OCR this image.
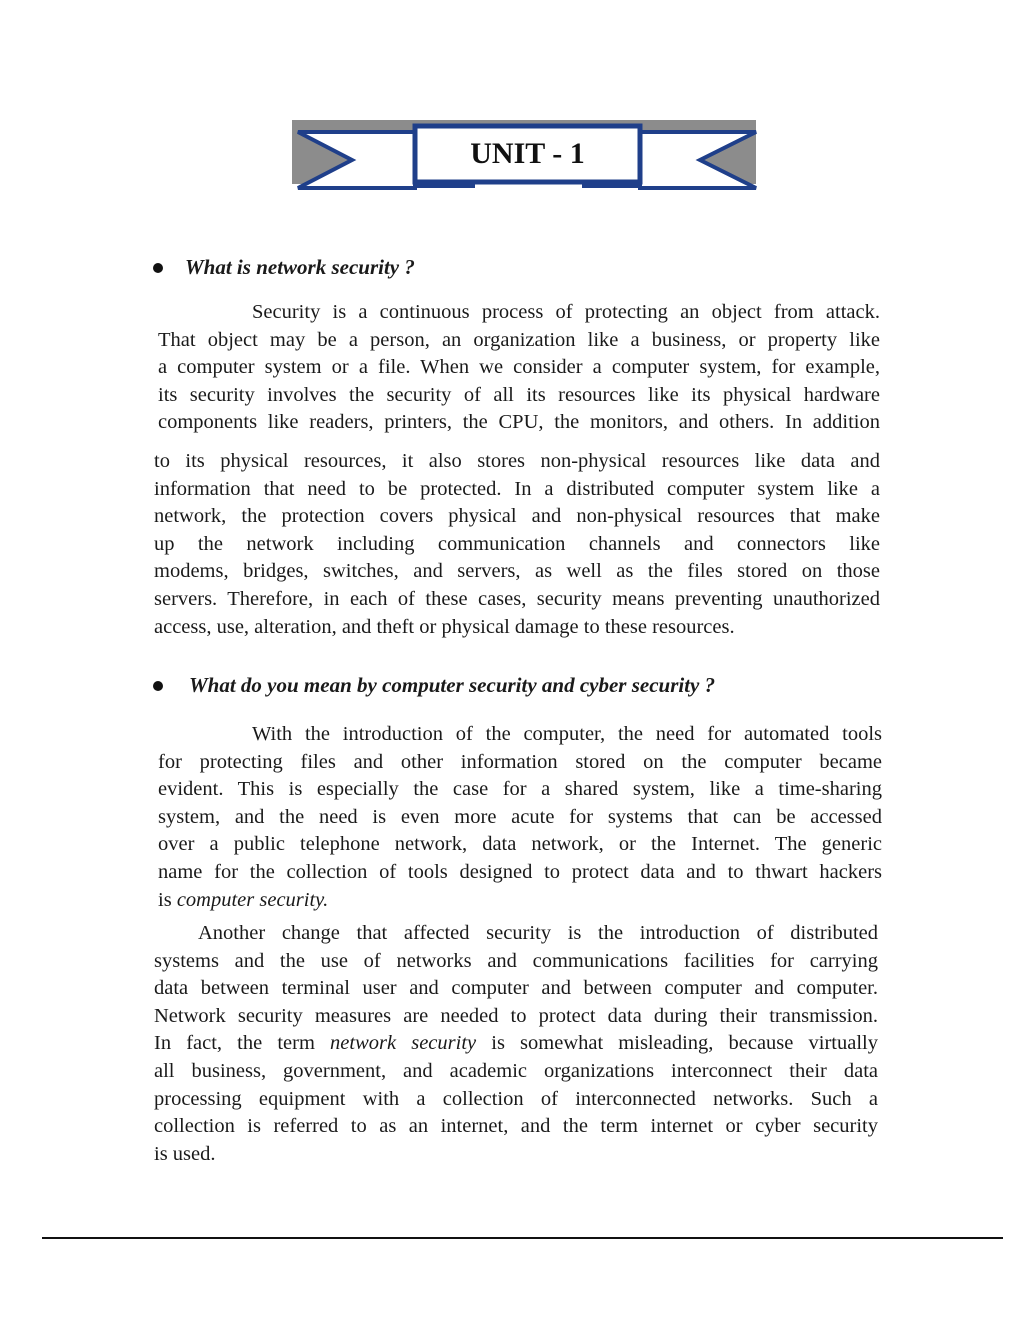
UNIT - 1
What is network security ?
Security is a continuous process of protecting an object from attack.
That object may be a person, an organization like a business, or property like
a computer system or a file. When we consider a computer system, for example,
its security involves the security of all its resources like its physical hardware
components like readers, printers, the CPU, the monitors, and others. In addition
to its physical resources, it also stores non-physical resources like data and
information that need to be protected. In a distributed computer system like a
network, the protection covers physical and non-physical resources that make
up the network including communication channels and connectors like
modems, bridges, switches, and servers, as well as the files stored on those
servers. Therefore, in each of these cases, security means preventing unauthorized
access, use, alteration, and theft or physical damage to these resources.
What do you mean by computer security and cyber security ?
With the introduction of the computer, the need for automated tools
for protecting files and other information stored on the computer became
evident. This is especially the case for a shared system, like a time-sharing
system, and the need is even more acute for systems that can be accessed
over a public telephone network, data network, or the Internet. The generic
name for the collection of tools designed to protect data and to thwart hackers
is computer security.
Another change that affected security is the introduction of distributed
systems and the use of networks and communications facilities for carrying
data between terminal user and computer and between computer and computer.
Network security measures are needed to protect data during their transmission.
In fact, the term network security is somewhat misleading, because virtually
all business, government, and academic organizations interconnect their data
processing equipment with a collection of interconnected networks. Such a
collection is referred to as an internet, and the term internet or cyber security
is used.
